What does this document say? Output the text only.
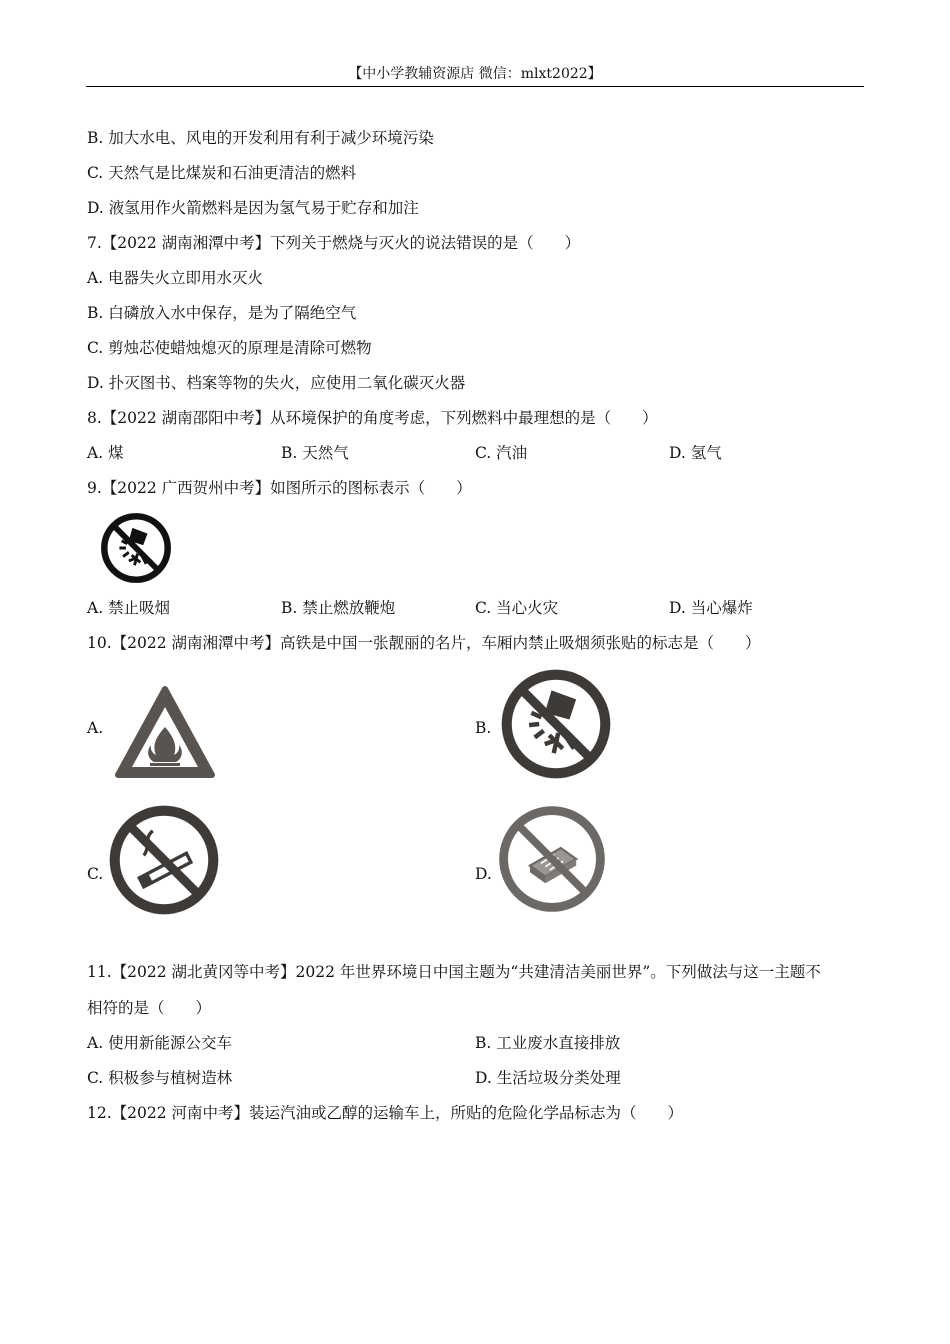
【中小学教辅资源店 微信：mlxt2022】
B. 加大水电、风电的开发利用有利于减少环境污染
C. 天然气是比煤炭和石油更清洁的燃料
D. 液氢用作火箭燃料是因为氢气易于贮存和加注
7.【2022 湖南湘潭中考】下列关于燃烧与灭火的说法错误的是（　　）
A. 电器失火立即用水灭火
B. 白磷放入水中保存，是为了隔绝空气
C. 剪烛芯使蜡烛熄灭的原理是清除可燃物
D. 扑灭图书、档案等物的失火，应使用二氧化碳灭火器
8.【2022 湖南邵阳中考】从环境保护的角度考虑，下列燃料中最理想的是（　　）
A. 煤	B. 天然气	C. 汽油	D. 氢气
9.【2022 广西贺州中考】如图所示的图标表示（　　）
A. 禁止吸烟	B. 禁止燃放鞭炮	C. 当心火灾	D. 当心爆炸
10.【2022 湖南湘潭中考】高铁是中国一张靓丽的名片，车厢内禁止吸烟须张贴的标志是（　　）
A.	B.
C.	D.
11.【2022 湖北黄冈等中考】2022 年世界环境日中国主题为“共建清洁美丽世界”。下列做法与这一主题不
相符的是（　　）
A. 使用新能源公交车	B. 工业废水直接排放
C. 积极参与植树造林	D. 生活垃圾分类处理
12.【2022 河南中考】装运汽油或乙醇的运输车上，所贴的危险化学品标志为（　　）
